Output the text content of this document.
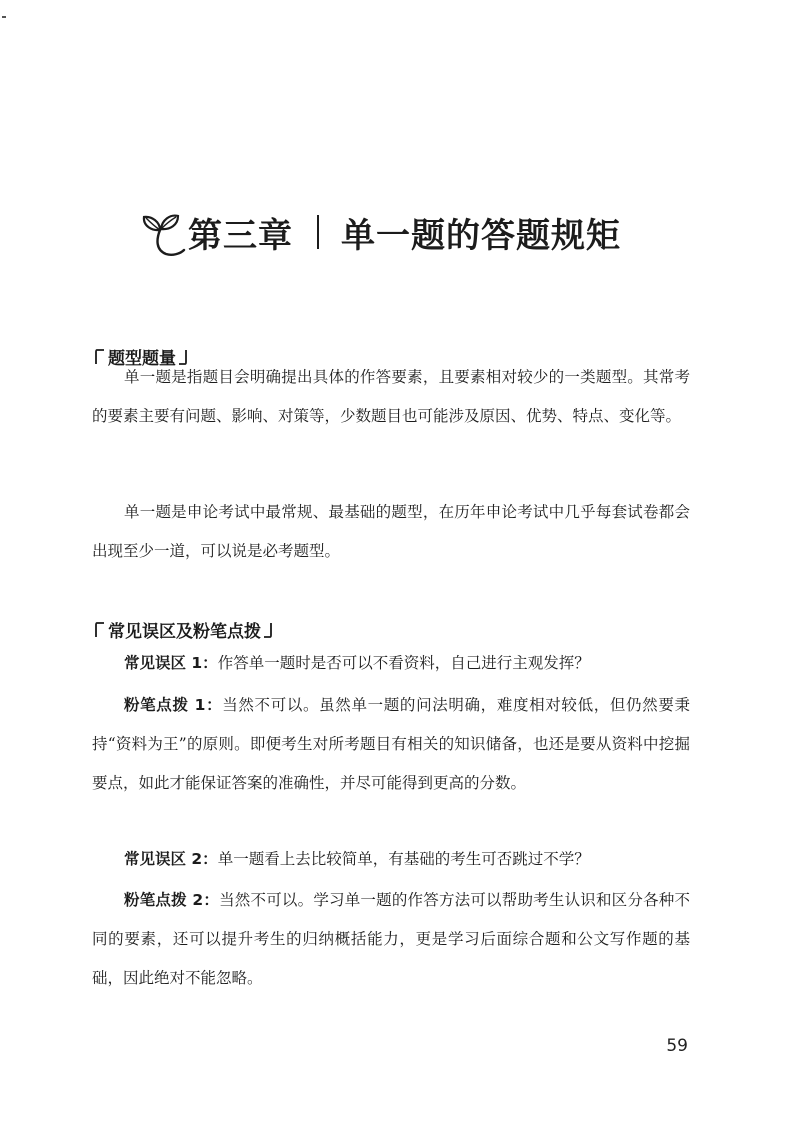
第三章 单一题的答题规矩
题型题量

单一题是指题目会明确提出具体的作答要素，且要素相对较少的一类题型。其常考的要素主要有问题、影响、对策等，少数题目也可能涉及原因、优势、特点、变化等。

单一题是申论考试中最常规、最基础的题型，在历年申论考试中几乎每套试卷都会出现至少一道，可以说是必考题型。

常见误区及粉笔点拨

常见误区 1：作答单一题时是否可以不看资料，自己进行主观发挥？

粉笔点拨 1：当然不可以。虽然单一题的问法明确，难度相对较低，但仍然要秉持“资料为王”的原则。即便考生对所考题目有相关的知识储备，也还是要从资料中挖掘要点，如此才能保证答案的准确性，并尽可能得到更高的分数。

常见误区 2：单一题看上去比较简单，有基础的考生可否跳过不学？

粉笔点拨 2：当然不可以。学习单一题的作答方法可以帮助考生认识和区分各种不同的要素，还可以提升考生的归纳概括能力，更是学习后面综合题和公文写作题的基础，因此绝对不能忽略。

59
